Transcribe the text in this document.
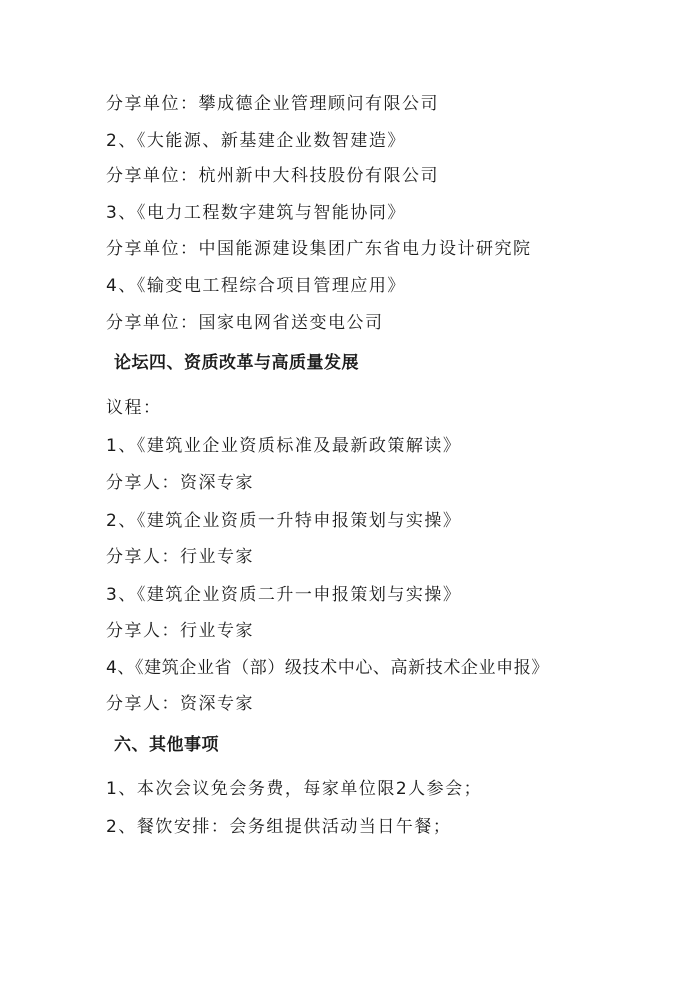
分享单位：攀成德企业管理顾问有限公司
2、《大能源、新基建企业数智建造》
分享单位：杭州新中大科技股份有限公司
3、《电力工程数字建筑与智能协同》
分享单位：中国能源建设集团广东省电力设计研究院
4、《输变电工程综合项目管理应用》
分享单位：国家电网省送变电公司
论坛四、资质改革与高质量发展
议程：
1、《建筑业企业资质标准及最新政策解读》
分享人：资深专家
2、《建筑企业资质一升特申报策划与实操》
分享人：行业专家
3、《建筑企业资质二升一申报策划与实操》
分享人：行业专家
4、《建筑企业省（部）级技术中心、高新技术企业申报》
分享人：资深专家
六、其他事项
1、本次会议免会务费，每家单位限2人参会；
2、餐饮安排：会务组提供活动当日午餐；
